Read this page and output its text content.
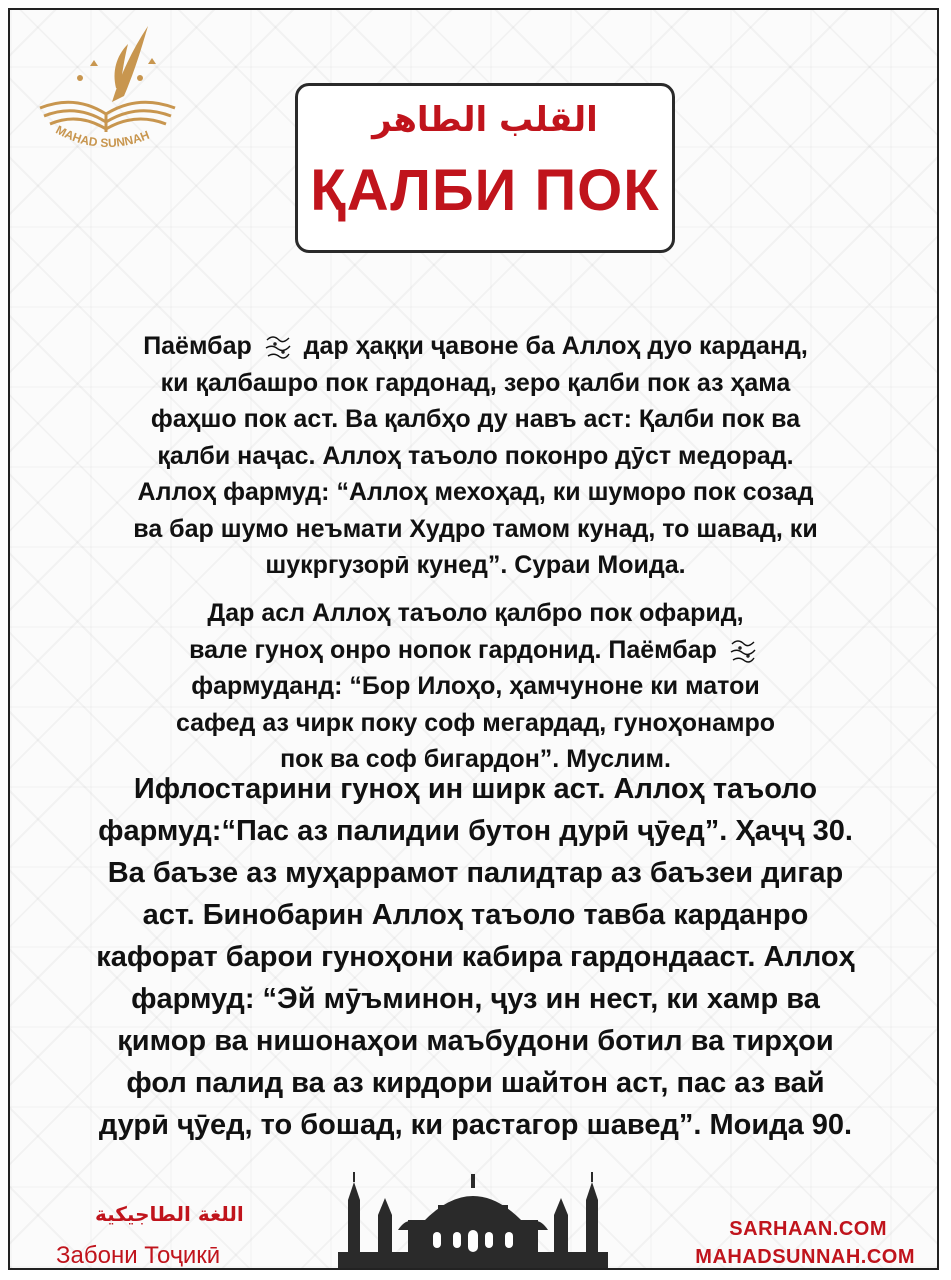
MAHAD SUNNAH	القلب الطاهر
ҚАЛБИ ПОК
Паёмбар дар ҳаққи ҷавоне ба Аллоҳ дуо карданд,
ки қалбашро пок гардонад, зеро қалби пок аз ҳама
фаҳшо пок аст. Ва қалбҳо ду навъ аст: Қалби пок ва
қалби наҷас. Аллоҳ таъоло поконро дӯст медорад.
Аллоҳ фармуд: “Аллоҳ мехоҳад, ки шуморо пок созад
ва бар шумо неъмати Худро тамом кунад, то шавад, ки
шукргузорӣ кунед”. Сураи Моида.
Дар асл Аллоҳ таъоло қалбро пок офарид,
вале гуноҳ онро нопок гардонид. Паёмбар
фармуданд: “Бор Илоҳо, ҳамчуноне ки матои
сафед аз чирк поку соф мегардад, гуноҳонамро
пок ва соф бигардон”. Муслим.
Ифлостарини гуноҳ ин ширк аст. Аллоҳ таъоло
фармуд:“Пас аз палидии бутон дурӣ ҷӯед”. Ҳаҷҷ 30.
Ва баъзе аз муҳаррамот палидтар аз баъзеи дигар
аст. Бинобарин Аллоҳ таъоло тавба карданро
кафорат барои гуноҳони кабира гардондааст. Аллоҳ
фармуд: “Эй мӯъминон, ҷуз ин нест, ки хамр ва
қимор ва нишонаҳои маъбудони ботил ва тирҳои
фол палид ва аз кирдори шайтон аст, пас аз вай
дурӣ ҷӯед, то бошад, ки растагор шавед”. Моида 90.
اللغة الطاجيكية
Забони Тоҷикӣ
SARHAAN.COM
MAHADSUNNAH.COM
